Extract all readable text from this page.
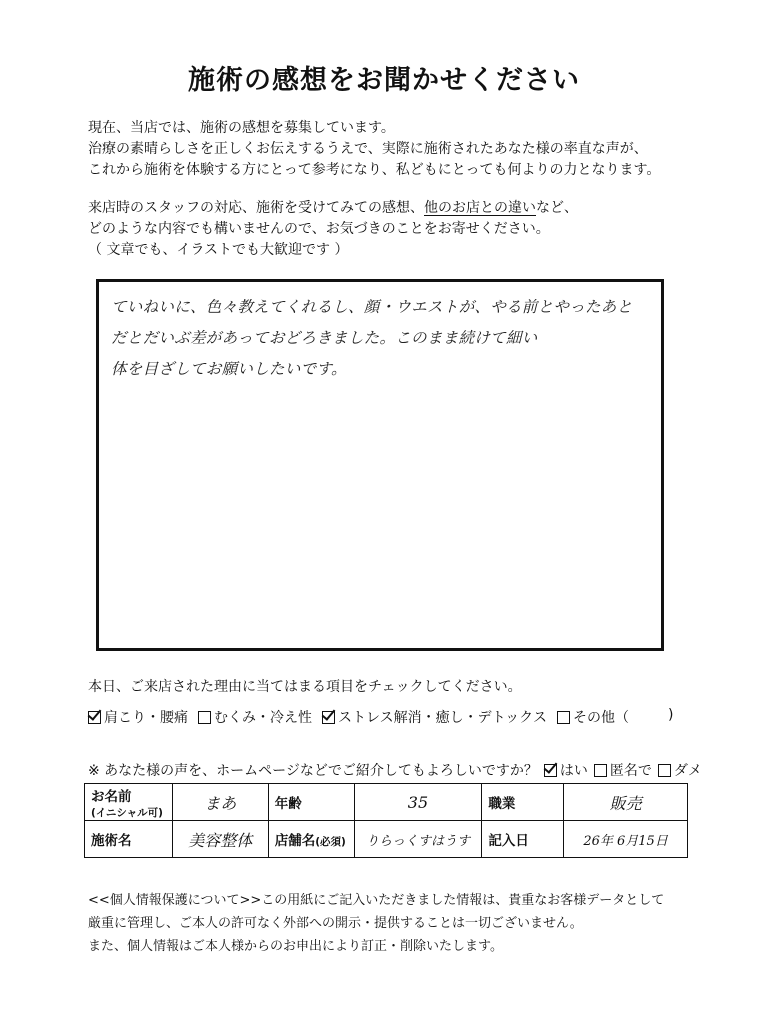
施術の感想をお聞かせください

現在、当店では、施術の感想を募集しています。

治療の素晴らしさを正しくお伝えするうえで、実際に施術されたあなた様の率直な声が、

これから施術を体験する方にとって参考になり、私どもにとっても何よりの力となります。

来店時のスタッフの対応、施術を受けてみての感想、他のお店との違いなど、

どのような内容でも構いませんので、お気づきのことをお寄せください。

（ 文章でも、イラストでも大歓迎です ）

ていねいに、色々教えてくれるし、顔・ウエストが、やる前とやったあと

だとだいぶ差があっておどろきました。このまま続けて細い

体を目ざしてお願いしたいです。

本日、ご来店された理由に当てはまる項目をチェックしてください。
肩こり・腰痛 むくみ・冷え性 ストレス解消・癒し・デトックス その他（	)
※ あなた様の声を、ホームページなどでご紹介してもよろしいですか？ はい 匿名で ダメ
お名前
(イニシャル可)	まあ	年齢	35	職業	販売
施術名	美容整体	店舗名(必須)	りらっくすはうす	記入日	26年 6月15日

<<個人情報保護について>>この用紙にご記入いただきました情報は、貴重なお客様データとして

厳重に管理し、ご本人の許可なく外部への開示・提供することは一切ございません。

また、個人情報はご本人様からのお申出により訂正・削除いたします。
